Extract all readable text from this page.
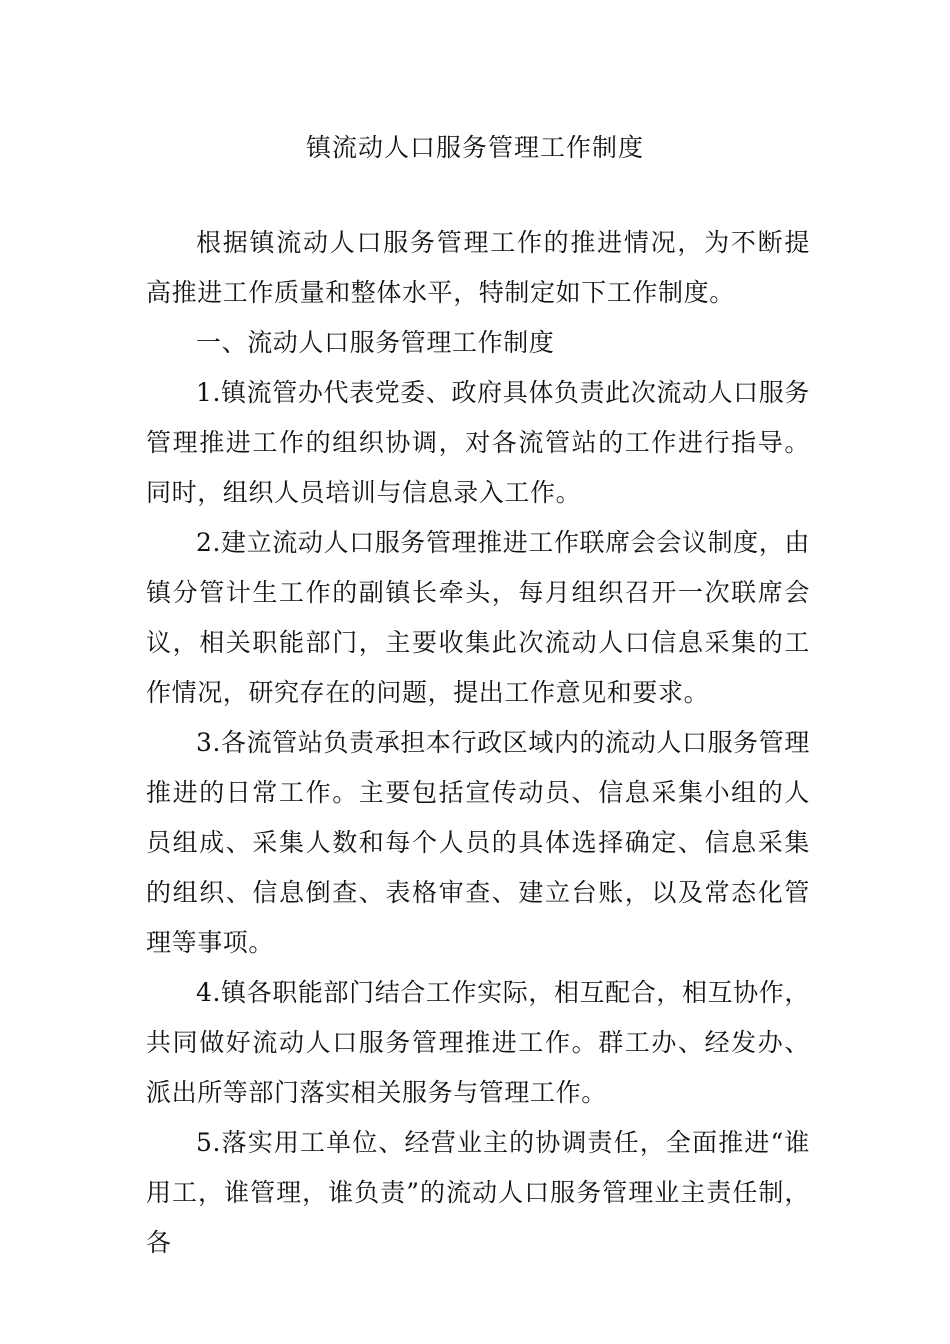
镇流动人口服务管理工作制度

根据镇流动人口服务管理工作的推进情况，为不断提高推进工作质量和整体水平，特制定如下工作制度。

一、流动人口服务管理工作制度

1.镇流管办代表党委、政府具体负责此次流动人口服务管理推进工作的组织协调，对各流管站的工作进行指导。同时，组织人员培训与信息录入工作。

2.建立流动人口服务管理推进工作联席会会议制度，由镇分管计生工作的副镇长牵头，每月组织召开一次联席会议，相关职能部门，主要收集此次流动人口信息采集的工作情况，研究存在的问题，提出工作意见和要求。

3.各流管站负责承担本行政区域内的流动人口服务管理推进的日常工作。主要包括宣传动员、信息采集小组的人员组成、采集人数和每个人员的具体选择确定、信息采集的组织、信息倒查、表格审查、建立台账，以及常态化管理等事项。

4.镇各职能部门结合工作实际，相互配合，相互协作，共同做好流动人口服务管理推进工作。群工办、经发办、派出所等部门落实相关服务与管理工作。

5.落实用工单位、经营业主的协调责任，全面推进“谁用工，谁管理，谁负责”的流动人口服务管理业主责任制，各
